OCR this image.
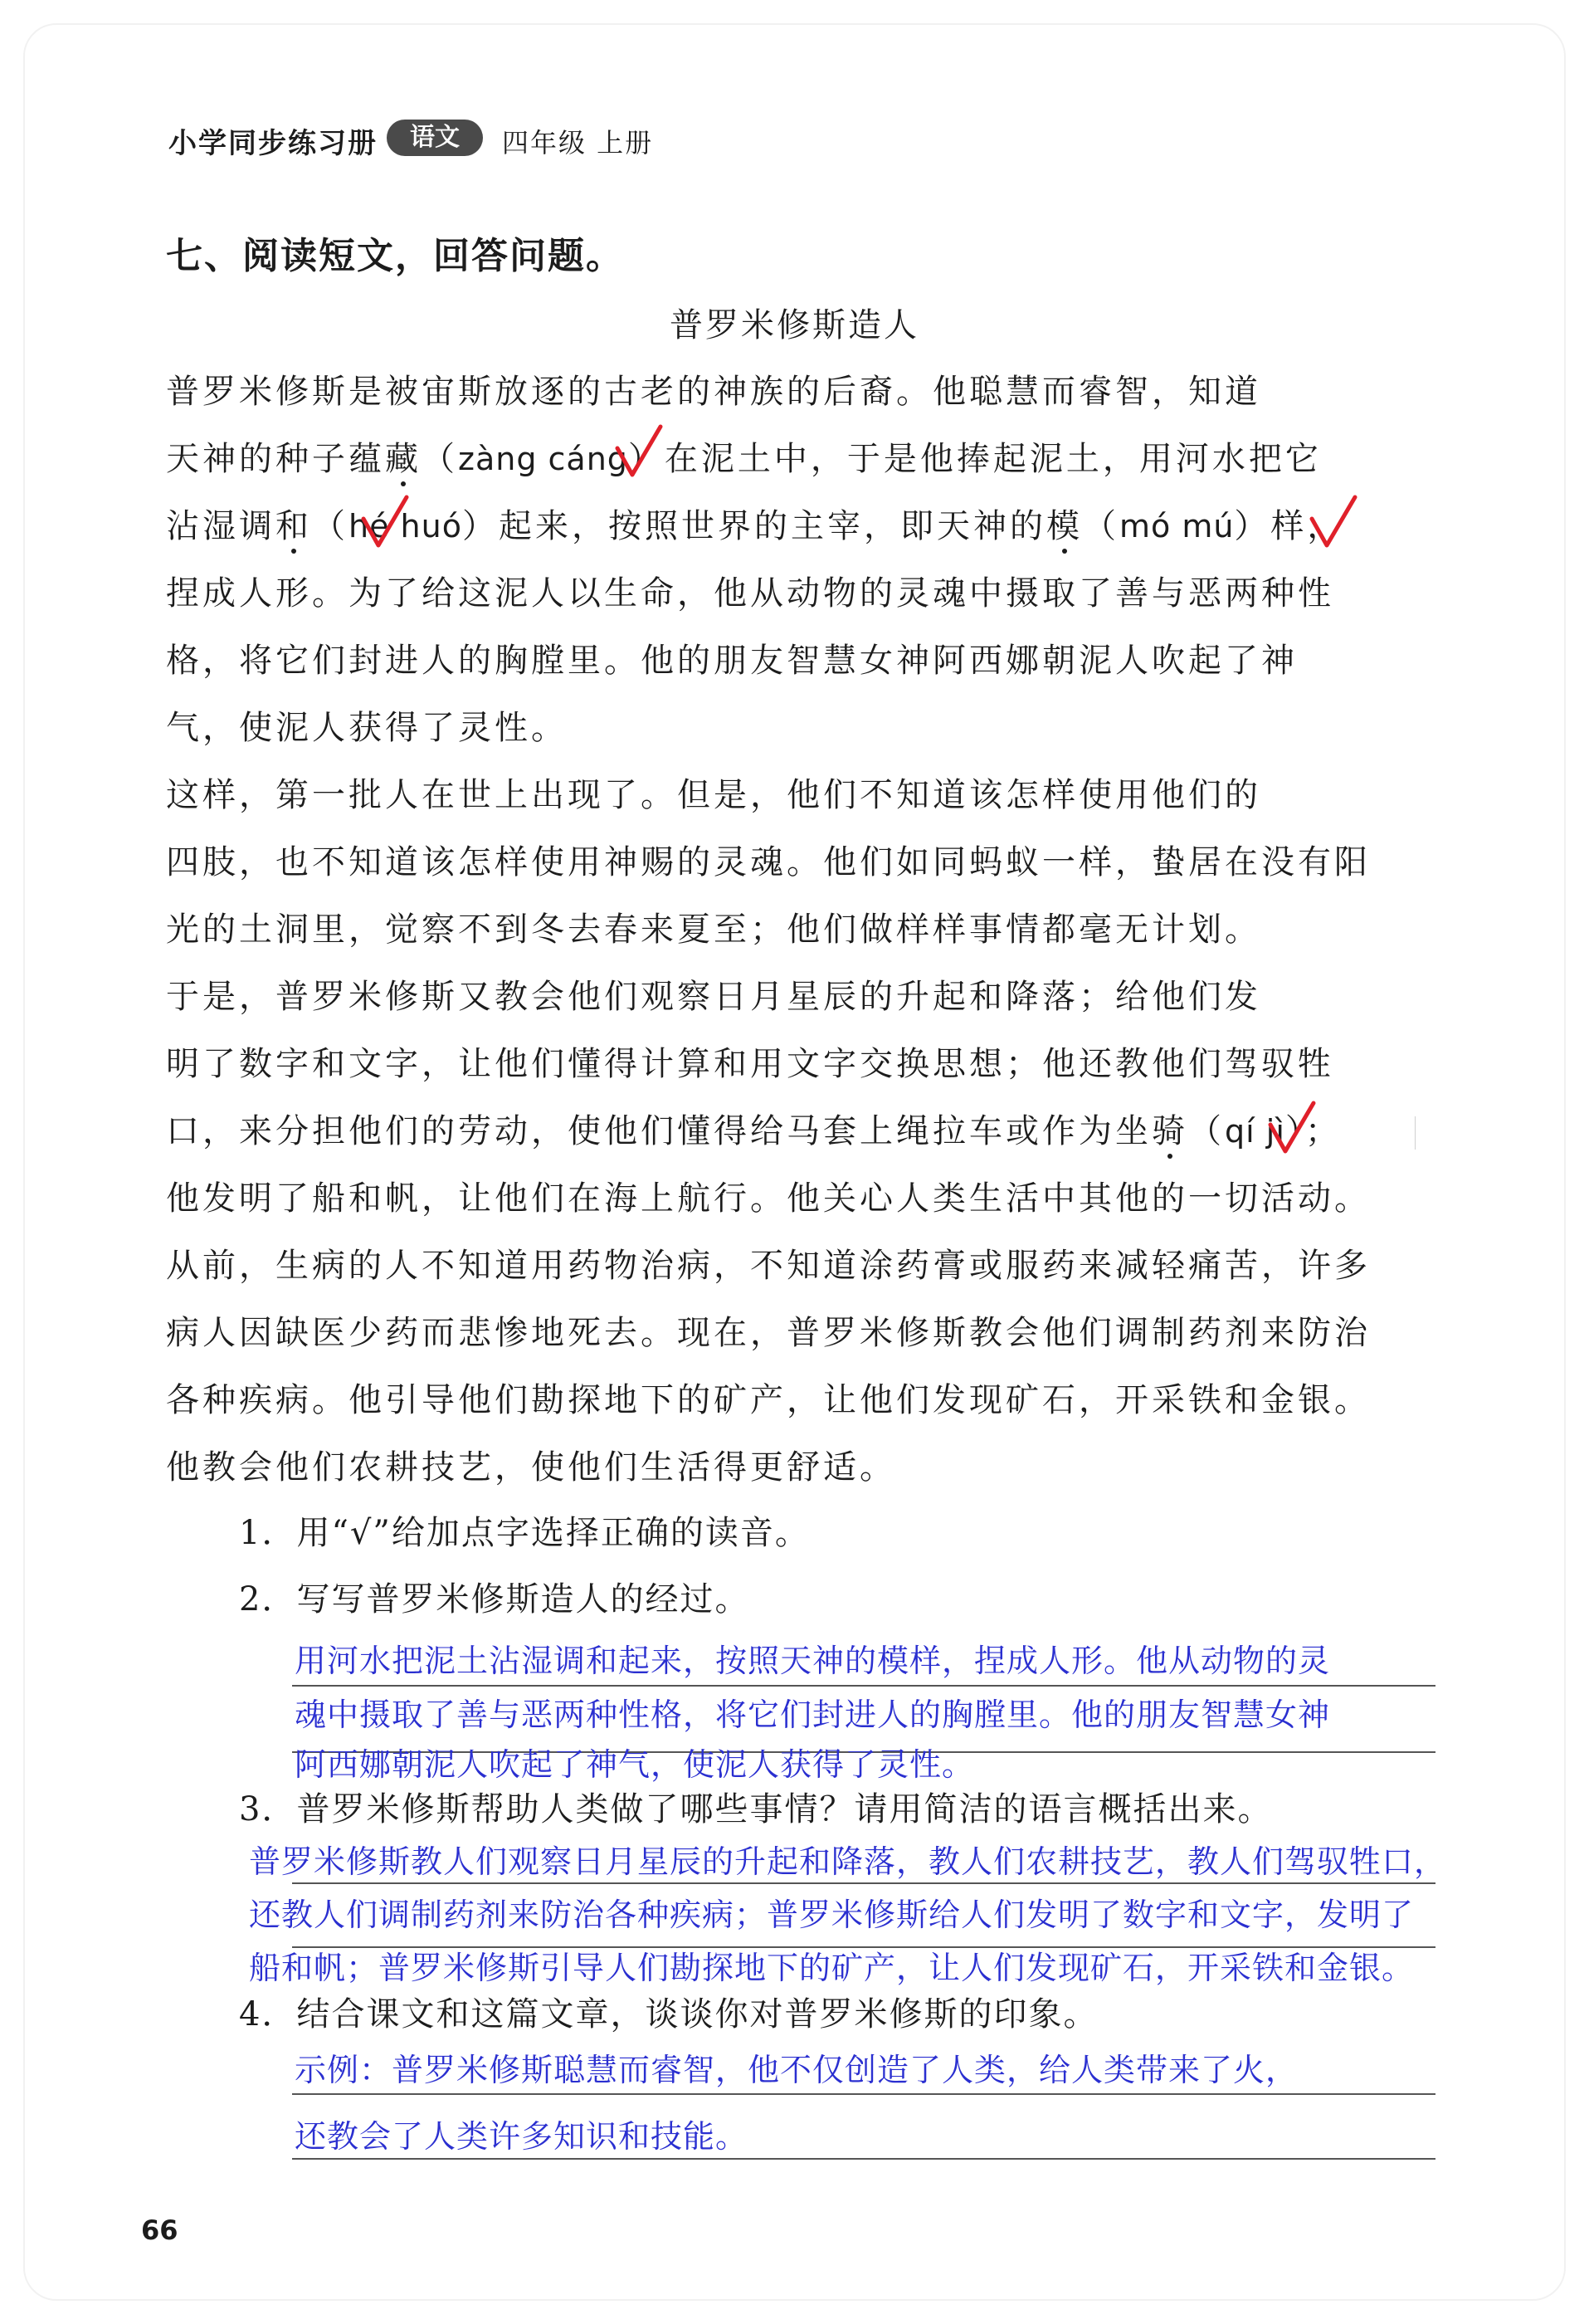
小学同步练习册	语文	四年级 上册
七、阅读短文，回答问题。
普罗米修斯造人
普罗米修斯是被宙斯放逐的古老的神族的后裔。他聪慧而睿智，知道
天神的种子蕴藏（zàng cáng）在泥土中，于是他捧起泥土，用河水把它
沾湿调和（hé huó）起来，按照世界的主宰，即天神的模（mó mú）样，
捏成人形。为了给这泥人以生命，他从动物的灵魂中摄取了善与恶两种性
格，将它们封进人的胸膛里。他的朋友智慧女神阿西娜朝泥人吹起了神
气，使泥人获得了灵性。
这样，第一批人在世上出现了。但是，他们不知道该怎样使用他们的
四肢，也不知道该怎样使用神赐的灵魂。他们如同蚂蚁一样，蛰居在没有阳
光的土洞里，觉察不到冬去春来夏至；他们做样样事情都毫无计划。
于是，普罗米修斯又教会他们观察日月星辰的升起和降落；给他们发
明了数字和文字，让他们懂得计算和用文字交换思想；他还教他们驾驭牲
口，来分担他们的劳动，使他们懂得给马套上绳拉车或作为坐骑（qí jì）；
他发明了船和帆，让他们在海上航行。他关心人类生活中其他的一切活动。
从前，生病的人不知道用药物治病，不知道涂药膏或服药来减轻痛苦，许多
病人因缺医少药而悲惨地死去。现在，普罗米修斯教会他们调制药剂来防治
各种疾病。他引导他们勘探地下的矿产，让他们发现矿石，开采铁和金银。
他教会他们农耕技艺，使他们生活得更舒适。
1．用“√”给加点字选择正确的读音。
2．写写普罗米修斯造人的经过。
用河水把泥土沾湿调和起来，按照天神的模样，捏成人形。他从动物的灵
魂中摄取了善与恶两种性格，将它们封进人的胸膛里。他的朋友智慧女神
阿西娜朝泥人吹起了神气，使泥人获得了灵性。
3．普罗米修斯帮助人类做了哪些事情？请用简洁的语言概括出来。
普罗米修斯教人们观察日月星辰的升起和降落，教人们农耕技艺，教人们驾驭牲口，
还教人们调制药剂来防治各种疾病；普罗米修斯给人们发明了数字和文字，发明了
船和帆；普罗米修斯引导人们勘探地下的矿产，让人们发现矿石，开采铁和金银。
4．结合课文和这篇文章，谈谈你对普罗米修斯的印象。
示例：普罗米修斯聪慧而睿智，他不仅创造了人类，给人类带来了火，
还教会了人类许多知识和技能。
66
